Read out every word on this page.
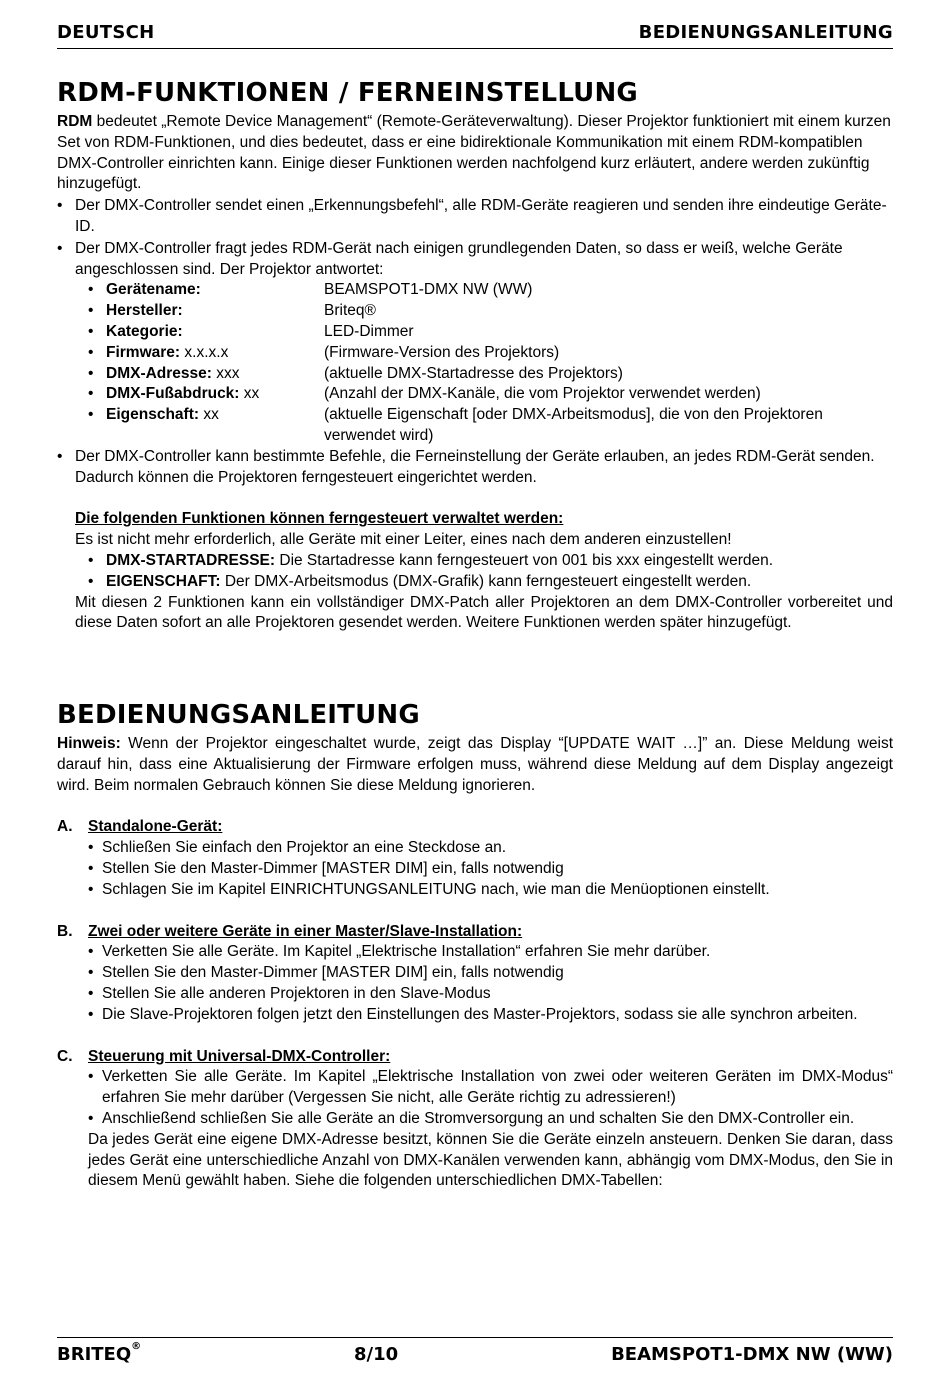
DEUTSCH	BEDIENUNGSANLEITUNG
RDM-FUNKTIONEN / FERNEINSTELLUNG

RDM bedeutet „Remote Device Management“ (Remote-Geräteverwaltung). Dieser Projektor funktioniert mit einem kurzen Set von RDM-Funktionen, und dies bedeutet, dass er eine bidirektionale Kommunikation mit einem RDM-kompatiblen DMX-Controller einrichten kann. Einige dieser Funktionen werden nachfolgend kurz erläutert, andere werden zukünftig hinzugefügt.

• Der DMX-Controller sendet einen „Erkennungsbefehl“, alle RDM-Geräte reagieren und senden ihre eindeutige Geräte-ID.
• Der DMX-Controller fragt jedes RDM-Gerät nach einigen grundlegenden Daten, so dass er weiß, welche Geräte angeschlossen sind. Der Projektor antwortet:
• Gerätename:	BEAMSPOT1-DMX NW (WW)
• Hersteller:	Briteq®
• Kategorie:	LED-Dimmer
• Firmware: x.x.x.x	(Firmware-Version des Projektors)
• DMX-Adresse: xxx	(aktuelle DMX-Startadresse des Projektors)
• DMX-Fußabdruck: xx	(Anzahl der DMX-Kanäle, die vom Projektor verwendet werden)
• Eigenschaft: xx	(aktuelle Eigenschaft [oder DMX-Arbeitsmodus], die von den Projektoren verwendet wird)
• Der DMX-Controller kann bestimmte Befehle, die Ferneinstellung der Geräte erlauben, an jedes RDM-Gerät senden. Dadurch können die Projektoren ferngesteuert eingerichtet werden.

Die folgenden Funktionen können ferngesteuert verwaltet werden:

Es ist nicht mehr erforderlich, alle Geräte mit einer Leiter, eines nach dem anderen einzustellen!

• DMX-STARTADRESSE: Die Startadresse kann ferngesteuert von 001 bis xxx eingestellt werden.
• EIGENSCHAFT: Der DMX-Arbeitsmodus (DMX-Grafik) kann ferngesteuert eingestellt werden.

Mit diesen 2 Funktionen kann ein vollständiger DMX-Patch aller Projektoren an dem DMX-Controller vorbereitet und diese Daten sofort an alle Projektoren gesendet werden. Weitere Funktionen werden später hinzugefügt.

BEDIENUNGSANLEITUNG

Hinweis: Wenn der Projektor eingeschaltet wurde, zeigt das Display “[UPDATE WAIT …]” an. Diese Meldung weist darauf hin, dass eine Aktualisierung der Firmware erfolgen muss, während diese Meldung auf dem Display angezeigt wird. Beim normalen Gebrauch können Sie diese Meldung ignorieren.

A.	Standalone-Gerät:
• Schließen Sie einfach den Projektor an eine Steckdose an.
• Stellen Sie den Master-Dimmer [MASTER DIM] ein, falls notwendig
• Schlagen Sie im Kapitel EINRICHTUNGSANLEITUNG nach, wie man die Menüoptionen einstellt.
B.	Zwei oder weitere Geräte in einer Master/Slave-Installation:
• Verketten Sie alle Geräte. Im Kapitel „Elektrische Installation“ erfahren Sie mehr darüber.
• Stellen Sie den Master-Dimmer [MASTER DIM] ein, falls notwendig
• Stellen Sie alle anderen Projektoren in den Slave-Modus
• Die Slave-Projektoren folgen jetzt den Einstellungen des Master-Projektors, sodass sie alle synchron arbeiten.
C.	Steuerung mit Universal-DMX-Controller:
• Verketten Sie alle Geräte. Im Kapitel „Elektrische Installation von zwei oder weiteren Geräten im DMX-Modus“ erfahren Sie mehr darüber (Vergessen Sie nicht, alle Geräte richtig zu adressieren!)
• Anschließend schließen Sie alle Geräte an die Stromversorgung an und schalten Sie den DMX-Controller ein.

Da jedes Gerät eine eigene DMX-Adresse besitzt, können Sie die Geräte einzeln ansteuern. Denken Sie daran, dass jedes Gerät eine unterschiedliche Anzahl von DMX-Kanälen verwenden kann, abhängig vom DMX-Modus, den Sie in diesem Menü gewählt haben. Siehe die folgenden unterschiedlichen DMX-Tabellen:

BRITEQ®	8/10	BEAMSPOT1-DMX NW (WW)
